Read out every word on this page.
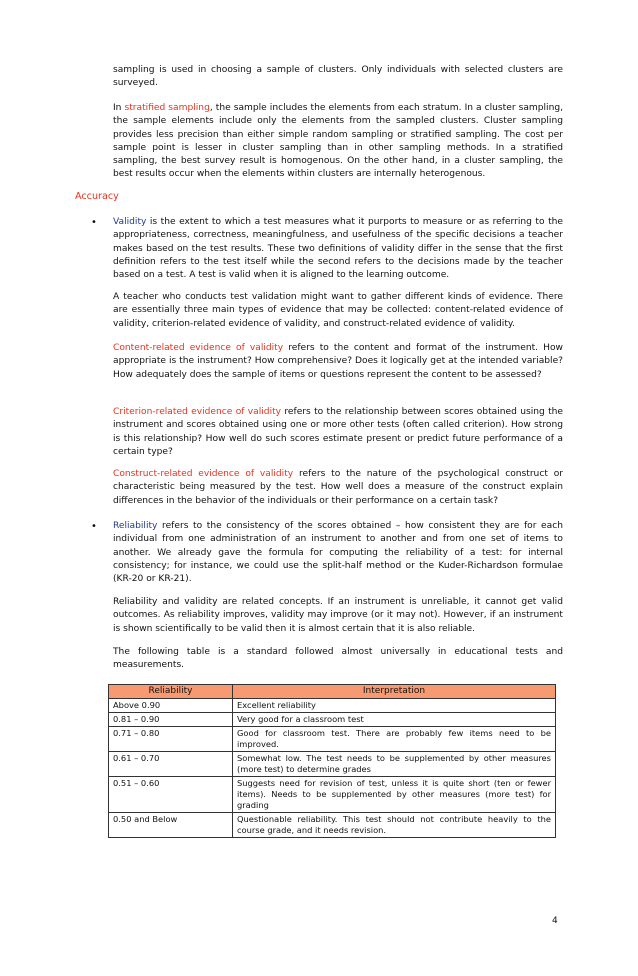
sampling is used in choosing a sample of clusters. Only individuals with selected clusters are surveyed.

In stratified sampling, the sample includes the elements from each stratum. In a cluster sampling, the sample elements include only the elements from the sampled clusters. Cluster sampling provides less precision than either simple random sampling or stratified sampling. The cost per sample point is lesser in cluster sampling than in other sampling methods. In a stratified sampling, the best survey result is homogenous. On the other hand, in a cluster sampling, the best results occur when the elements within clusters are internally heterogenous.

Accuracy
• Validity is the extent to which a test measures what it purports to measure or as referring to the appropriateness, correctness, meaningfulness, and usefulness of the specific decisions a teacher makes based on the test results. These two definitions of validity differ in the sense that the first definition refers to the test itself while the second refers to the decisions made by the teacher based on a test. A test is valid when it is aligned to the learning outcome.

A teacher who conducts test validation might want to gather different kinds of evidence. There are essentially three main types of evidence that may be collected: content-related evidence of validity, criterion-related evidence of validity, and construct-related evidence of validity.

Content-related evidence of validity refers to the content and format of the instrument. How appropriate is the instrument? How comprehensive? Does it logically get at the intended variable? How adequately does the sample of items or questions represent the content to be assessed?

Criterion-related evidence of validity refers to the relationship between scores obtained using the instrument and scores obtained using one or more other tests (often called criterion). How strong is this relationship? How well do such scores estimate present or predict future performance of a certain type?

Construct-related evidence of validity refers to the nature of the psychological construct or characteristic being measured by the test. How well does a measure of the construct explain differences in the behavior of the individuals or their performance on a certain task?

• Reliability refers to the consistency of the scores obtained – how consistent they are for each individual from one administration of an instrument to another and from one set of items to another. We already gave the formula for computing the reliability of a test: for internal consistency; for instance, we could use the split-half method or the Kuder-Richardson formulae (KR-20 or KR-21).

Reliability and validity are related concepts. If an instrument is unreliable, it cannot get valid outcomes. As reliability improves, validity may improve (or it may not). However, if an instrument is shown scientifically to be valid then it is almost certain that it is also reliable.

The following table is a standard followed almost universally in educational tests and measurements.

Reliability	Interpretation
Above 0.90	Excellent reliability
0.81 – 0.90	Very good for a classroom test
0.71 – 0.80	Good for classroom test. There are probably few items need to be improved.
0.61 – 0.70	Somewhat low. The test needs to be supplemented by other measures (more test) to determine grades
0.51 – 0.60	Suggests need for revision of test, unless it is quite short (ten or fewer items). Needs to be supplemented by other measures (more test) for grading
0.50 and Below	Questionable reliability. This test should not contribute heavily to the course grade, and it needs revision.
4
